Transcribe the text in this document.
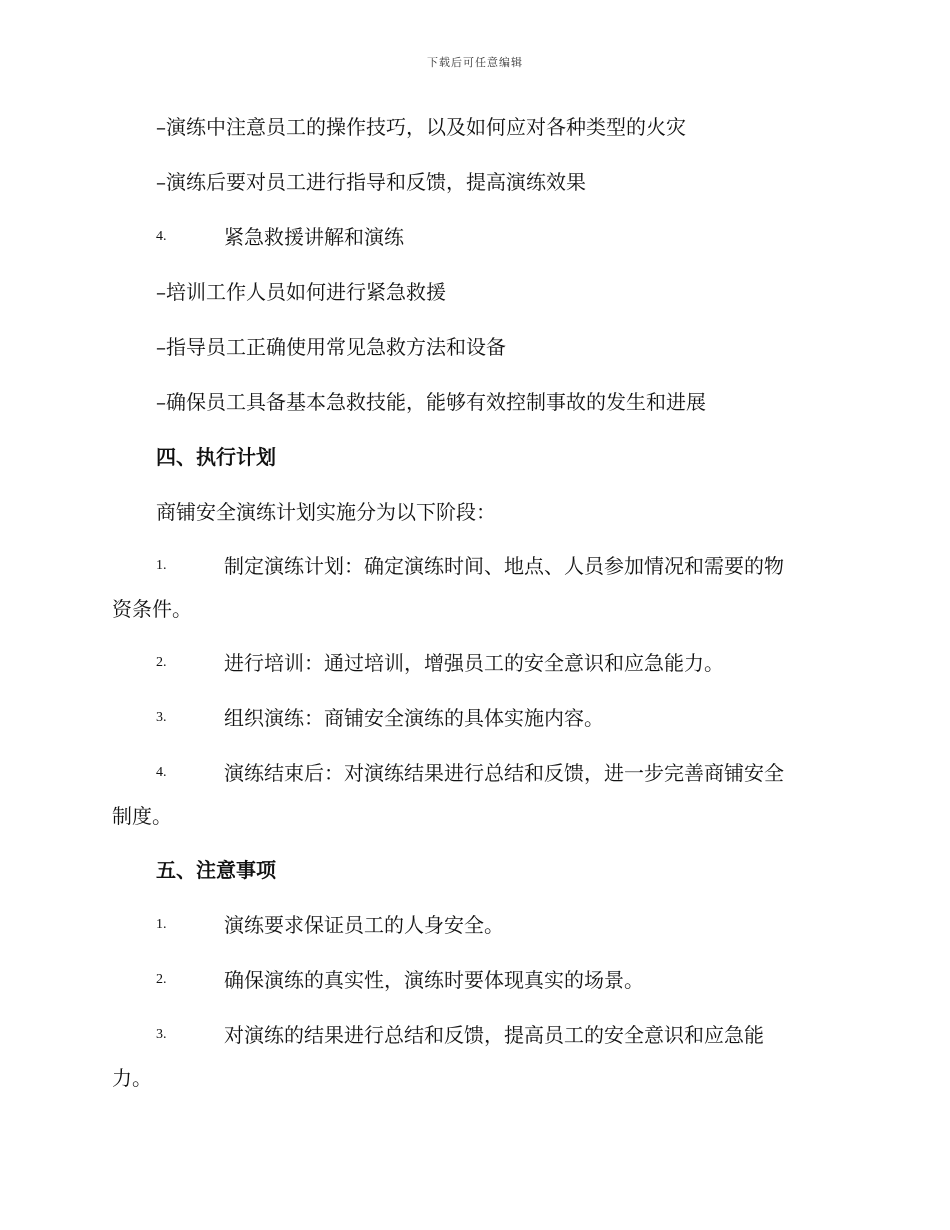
下载后可任意编辑
–演练中注意员工的操作技巧，以及如何应对各种类型的火灾
–演练后要对员工进行指导和反馈，提高演练效果
4.	紧急救援讲解和演练
–培训工作人员如何进行紧急救援
–指导员工正确使用常见急救方法和设备
–确保员工具备基本急救技能，能够有效控制事故的发生和进展
四、执行计划
商铺安全演练计划实施分为以下阶段：
1.	制定演练计划：确定演练时间、地点、人员参加情况和需要的物
资条件。
2.	进行培训：通过培训，增强员工的安全意识和应急能力。
3.	组织演练：商铺安全演练的具体实施内容。
4.	演练结束后：对演练结果进行总结和反馈，进一步完善商铺安全
制度。
五、注意事项
1.	演练要求保证员工的人身安全。
2.	确保演练的真实性，演练时要体现真实的场景。
3.	对演练的结果进行总结和反馈，提高员工的安全意识和应急能
力。
